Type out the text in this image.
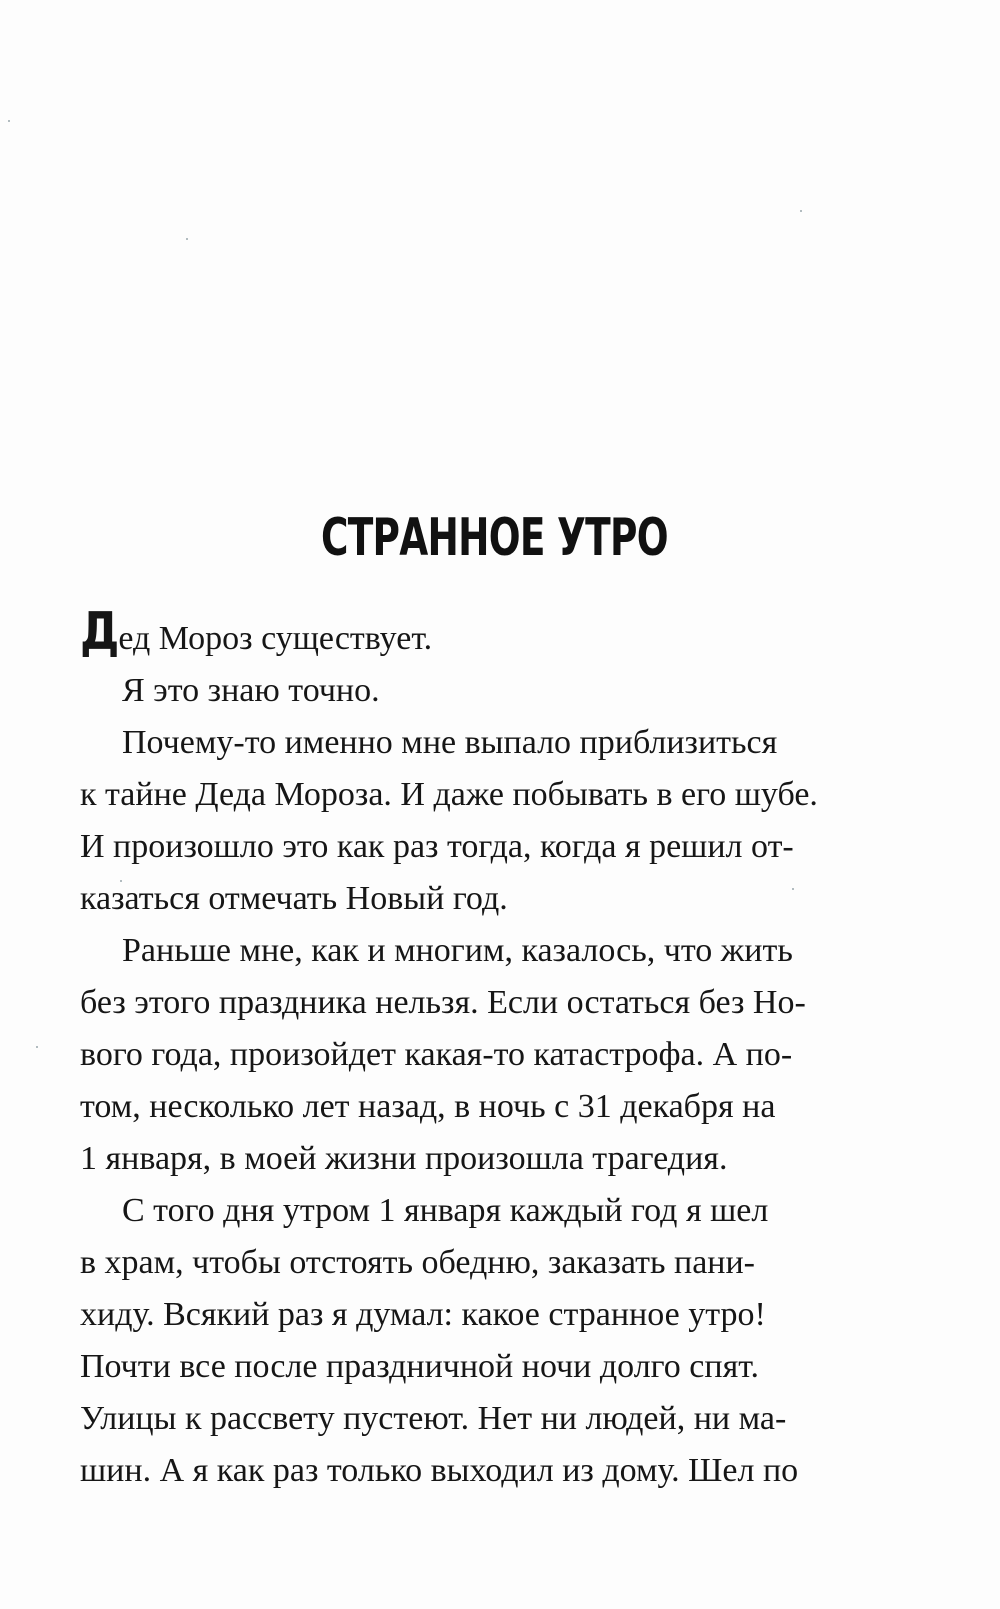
СТРАННОЕ УТРО

Дед Мороз существует.

Я это знаю точно.

Почему-то именно мне выпало приблизиться
к тайне Деда Мороза. И даже побывать в его шубе.
И произошло это как раз тогда, когда я решил от-
казаться отмечать Новый год.

Раньше мне, как и многим, казалось, что жить
без этого праздника нельзя. Если остаться без Но-
вого года, произойдет какая-то катастрофа. А по-
том, несколько лет назад, в ночь с 31 декабря на
1 января, в моей жизни произошла трагедия.

С того дня утром 1 января каждый год я шел
в храм, чтобы отстоять обедню, заказать пани-
хиду. Всякий раз я думал: какое странное утро!
Почти все после праздничной ночи долго спят.
Улицы к рассвету пустеют. Нет ни людей, ни ма-
шин. А я как раз только выходил из дому. Шел по
